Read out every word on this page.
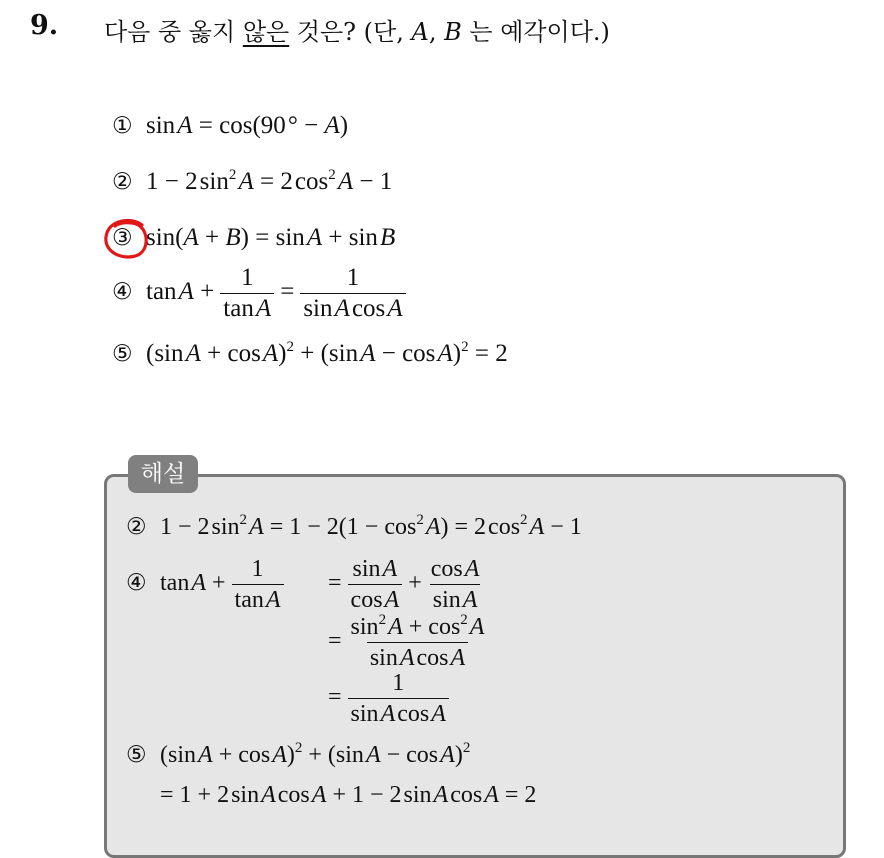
9. 다음 중 옳지 않은 것은? (단, A, B 는 예각이다.)
① sin A = cos(90 ° − A)
② 1 − 2 $\sin^2$ A = 2 $\cos^2$ A − 1
③ sin(A + B) = sin A + sin B
④ tan $A + \frac{1}{\text{tan A}} = \frac{1}{\text{sin A cos A}}$
⑤ (sin A + cos A)$^2$ + (sin A − cos A)$^2$ = 2
해설
② 1 − 2 $\sin^2$ $A = 1 - 2(1 - \cos^2$ A) = 2 $\cos^2$ A − 1
④ tan $A + \frac{1}{\text{tan A}} = \frac{\text{sin A}}{\text{cos A}} + \frac{\text{cos A}}{\text{sin A}}$
= $\frac{\sin^2 A + \cos^2 A}{\text{sin A cos A}}$
= $\frac{1}{\text{sin A cos A}}$
⑤ (sin A + cos A)$^2$ + (sin A − cos A)$^2$
= 1 + 2 sin A cos A + 1 − 2 sin A cos A = 2
